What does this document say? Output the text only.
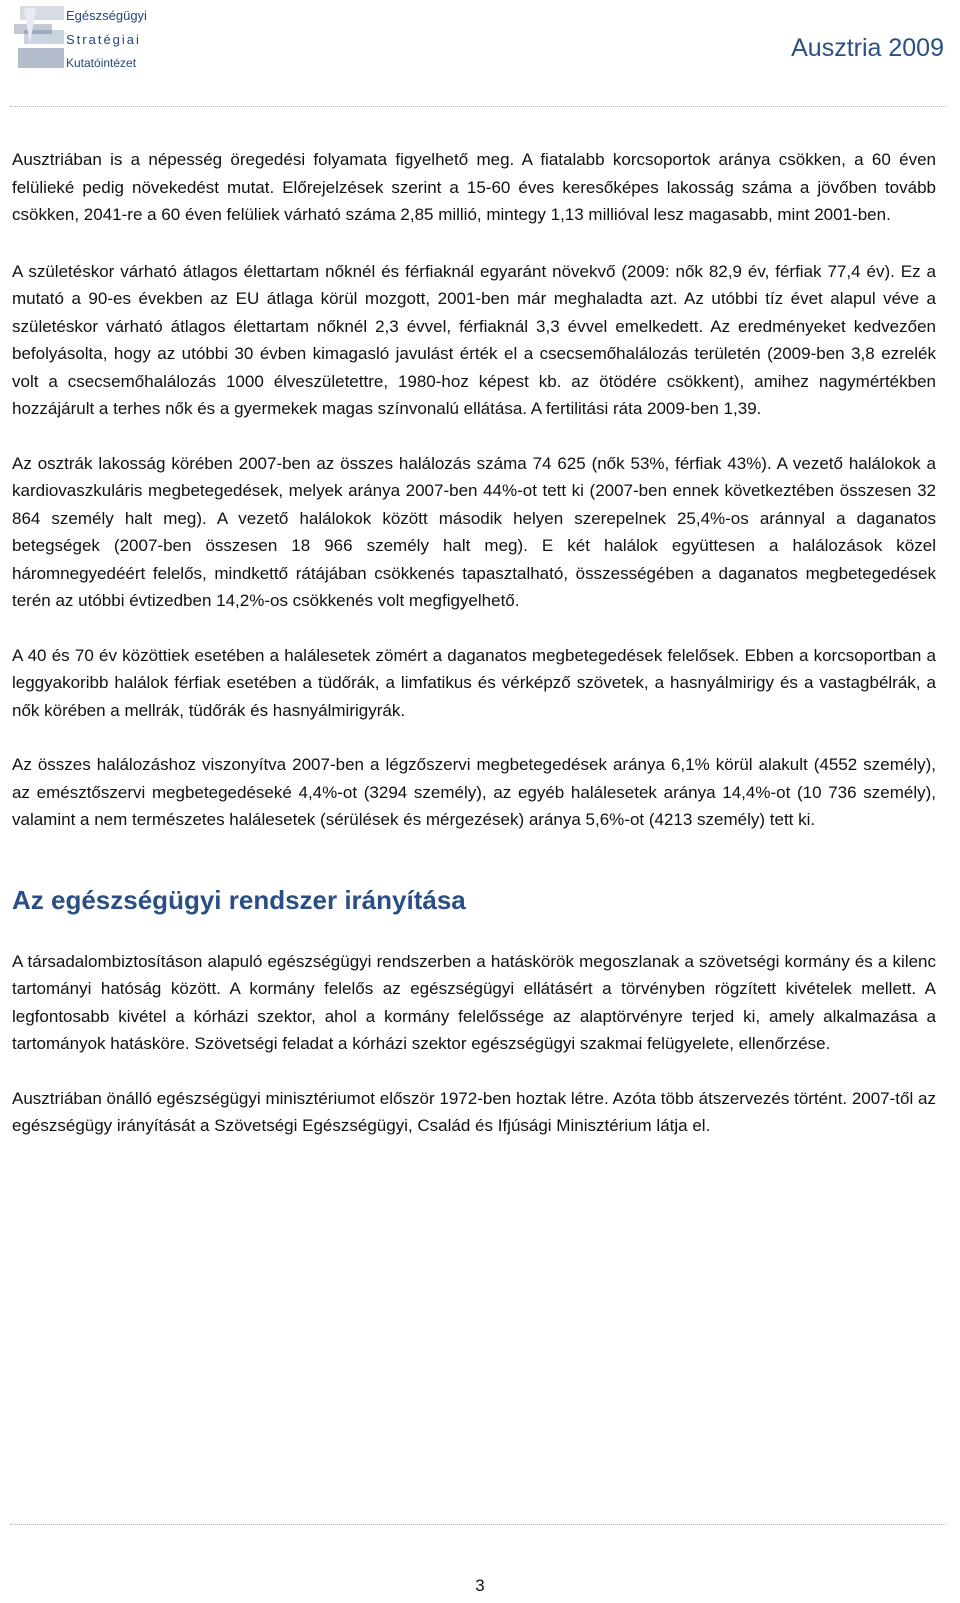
Egészségügyi
Stratégiai
Kutatóintézet
Ausztria 2009

Ausztriában is a népesség öregedési folyamata figyelhető meg. A fiatalabb korcsoportok aránya csökken, a 60 éven felülieké pedig növekedést mutat. Előrejelzések szerint a 15-60 éves keresőképes lakosság száma a jövőben tovább csökken, 2041-re a 60 éven felüliek várható száma 2,85 millió, mintegy 1,13 millióval lesz magasabb, mint 2001-ben.

A születéskor várható átlagos élettartam nőknél és férfiaknál egyaránt növekvő (2009: nők 82,9 év, férfiak 77,4 év). Ez a mutató a 90-es években az EU átlaga körül mozgott, 2001-ben már meghaladta azt. Az utóbbi tíz évet alapul véve a születéskor várható átlagos élettartam nőknél 2,3 évvel, férfiaknál 3,3 évvel emelkedett. Az eredményeket kedvezően befolyásolta, hogy az utóbbi 30 évben kimagasló javulást érték el a csecsemőhalálozás területén (2009-ben 3,8 ezrelék volt a csecsemőhalálozás 1000 élveszületettre, 1980-hoz képest kb. az ötödére csökkent), amihez nagymértékben hozzájárult a terhes nők és a gyermekek magas színvonalú ellátása. A fertilitási ráta 2009-ben 1,39.

Az osztrák lakosság körében 2007-ben az összes halálozás száma 74 625 (nők 53%, férfiak 43%). A vezető halálokok a kardiovaszkuláris megbetegedések, melyek aránya 2007-ben 44%-ot tett ki (2007-ben ennek következtében összesen 32 864 személy halt meg). A vezető halálokok között második helyen szerepelnek 25,4%-os aránnyal a daganatos betegségek (2007-ben összesen 18 966 személy halt meg). E két halálok együttesen a halálozások közel háromnegyedéért felelős, mindkettő rátájában csökkenés tapasztalható, összességében a daganatos megbetegedések terén az utóbbi évtizedben 14,2%-os csökkenés volt megfigyelhető.

A 40 és 70 év közöttiek esetében a halálesetek zömért a daganatos megbetegedések felelősek. Ebben a korcsoportban a leggyakoribb halálok férfiak esetében a tüdőrák, a limfatikus és vérképző szövetek, a hasnyálmirigy és a vastagbélrák, a nők körében a mellrák, tüdőrák és hasnyálmirigyrák.

Az összes halálozáshoz viszonyítva 2007-ben a légzőszervi megbetegedések aránya 6,1% körül alakult (4552 személy), az emésztőszervi megbetegedéseké 4,4%-ot (3294 személy), az egyéb halálesetek aránya 14,4%-ot (10 736 személy), valamint a nem természetes halálesetek (sérülések és mérgezések) aránya 5,6%-ot (4213 személy) tett ki.

Az egészségügyi rendszer irányítása

A társadalombiztosításon alapuló egészségügyi rendszerben a hatáskörök megoszlanak a szövetségi kormány és a kilenc tartományi hatóság között. A kormány felelős az egészségügyi ellátásért a törvényben rögzített kivételek mellett. A legfontosabb kivétel a kórházi szektor, ahol a kormány felelőssége az alaptörvényre terjed ki, amely alkalmazása a tartományok hatásköre. Szövetségi feladat a kórházi szektor egészségügyi szakmai felügyelete, ellenőrzése.

Ausztriában önálló egészségügyi minisztériumot először 1972-ben hoztak létre. Azóta több átszervezés történt. 2007-től az egészségügy irányítását a Szövetségi Egészségügyi, Család és Ifjúsági Minisztérium látja el.

3
